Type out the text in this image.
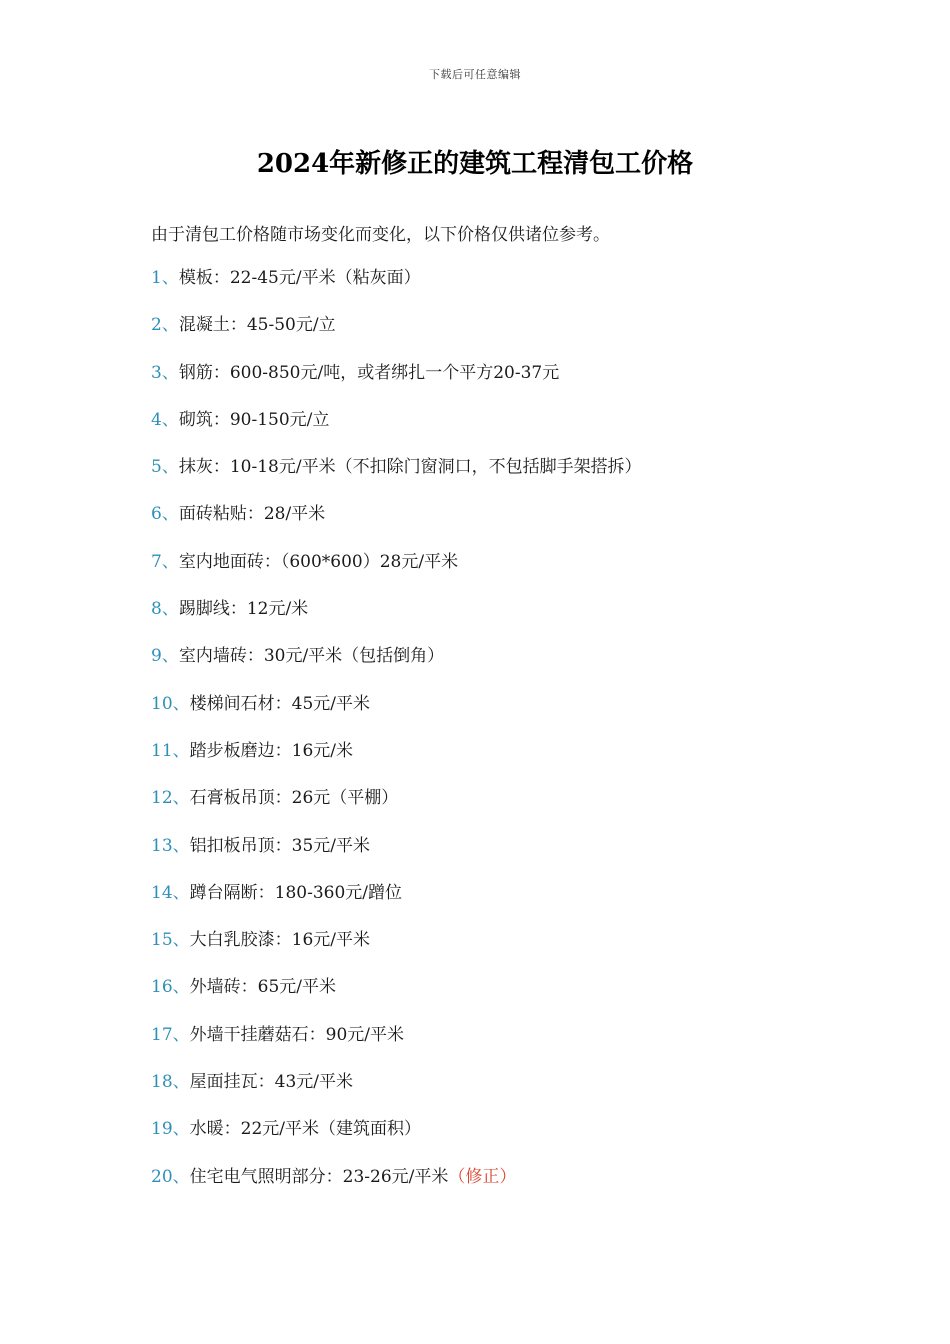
下载后可任意编辑
2024年新修正的建筑工程清包工价格

由于清包工价格随市场变化而变化，以下价格仅供诸位参考。

1、模板：22-45元/平米（粘灰面）
2、混凝土：45-50元/立
3、钢筋：600-850元/吨，或者绑扎一个平方20-37元
4、砌筑：90-150元/立
5、抹灰：10-18元/平米（不扣除门窗洞口，不包括脚手架搭拆）
6、面砖粘贴：28/平米
7、室内地面砖：（600*600）28元/平米
8、踢脚线：12元/米
9、室内墙砖：30元/平米（包括倒角）
10、楼梯间石材：45元/平米
11、踏步板磨边：16元/米
12、石膏板吊顶：26元（平棚）
13、铝扣板吊顶：35元/平米
14、蹲台隔断：180-360元/蹭位
15、大白乳胶漆：16元/平米
16、外墙砖：65元/平米
17、外墙干挂蘑菇石：90元/平米
18、屋面挂瓦：43元/平米
19、水暖：22元/平米（建筑面积）
20、住宅电气照明部分：23-26元/平米（修正）
